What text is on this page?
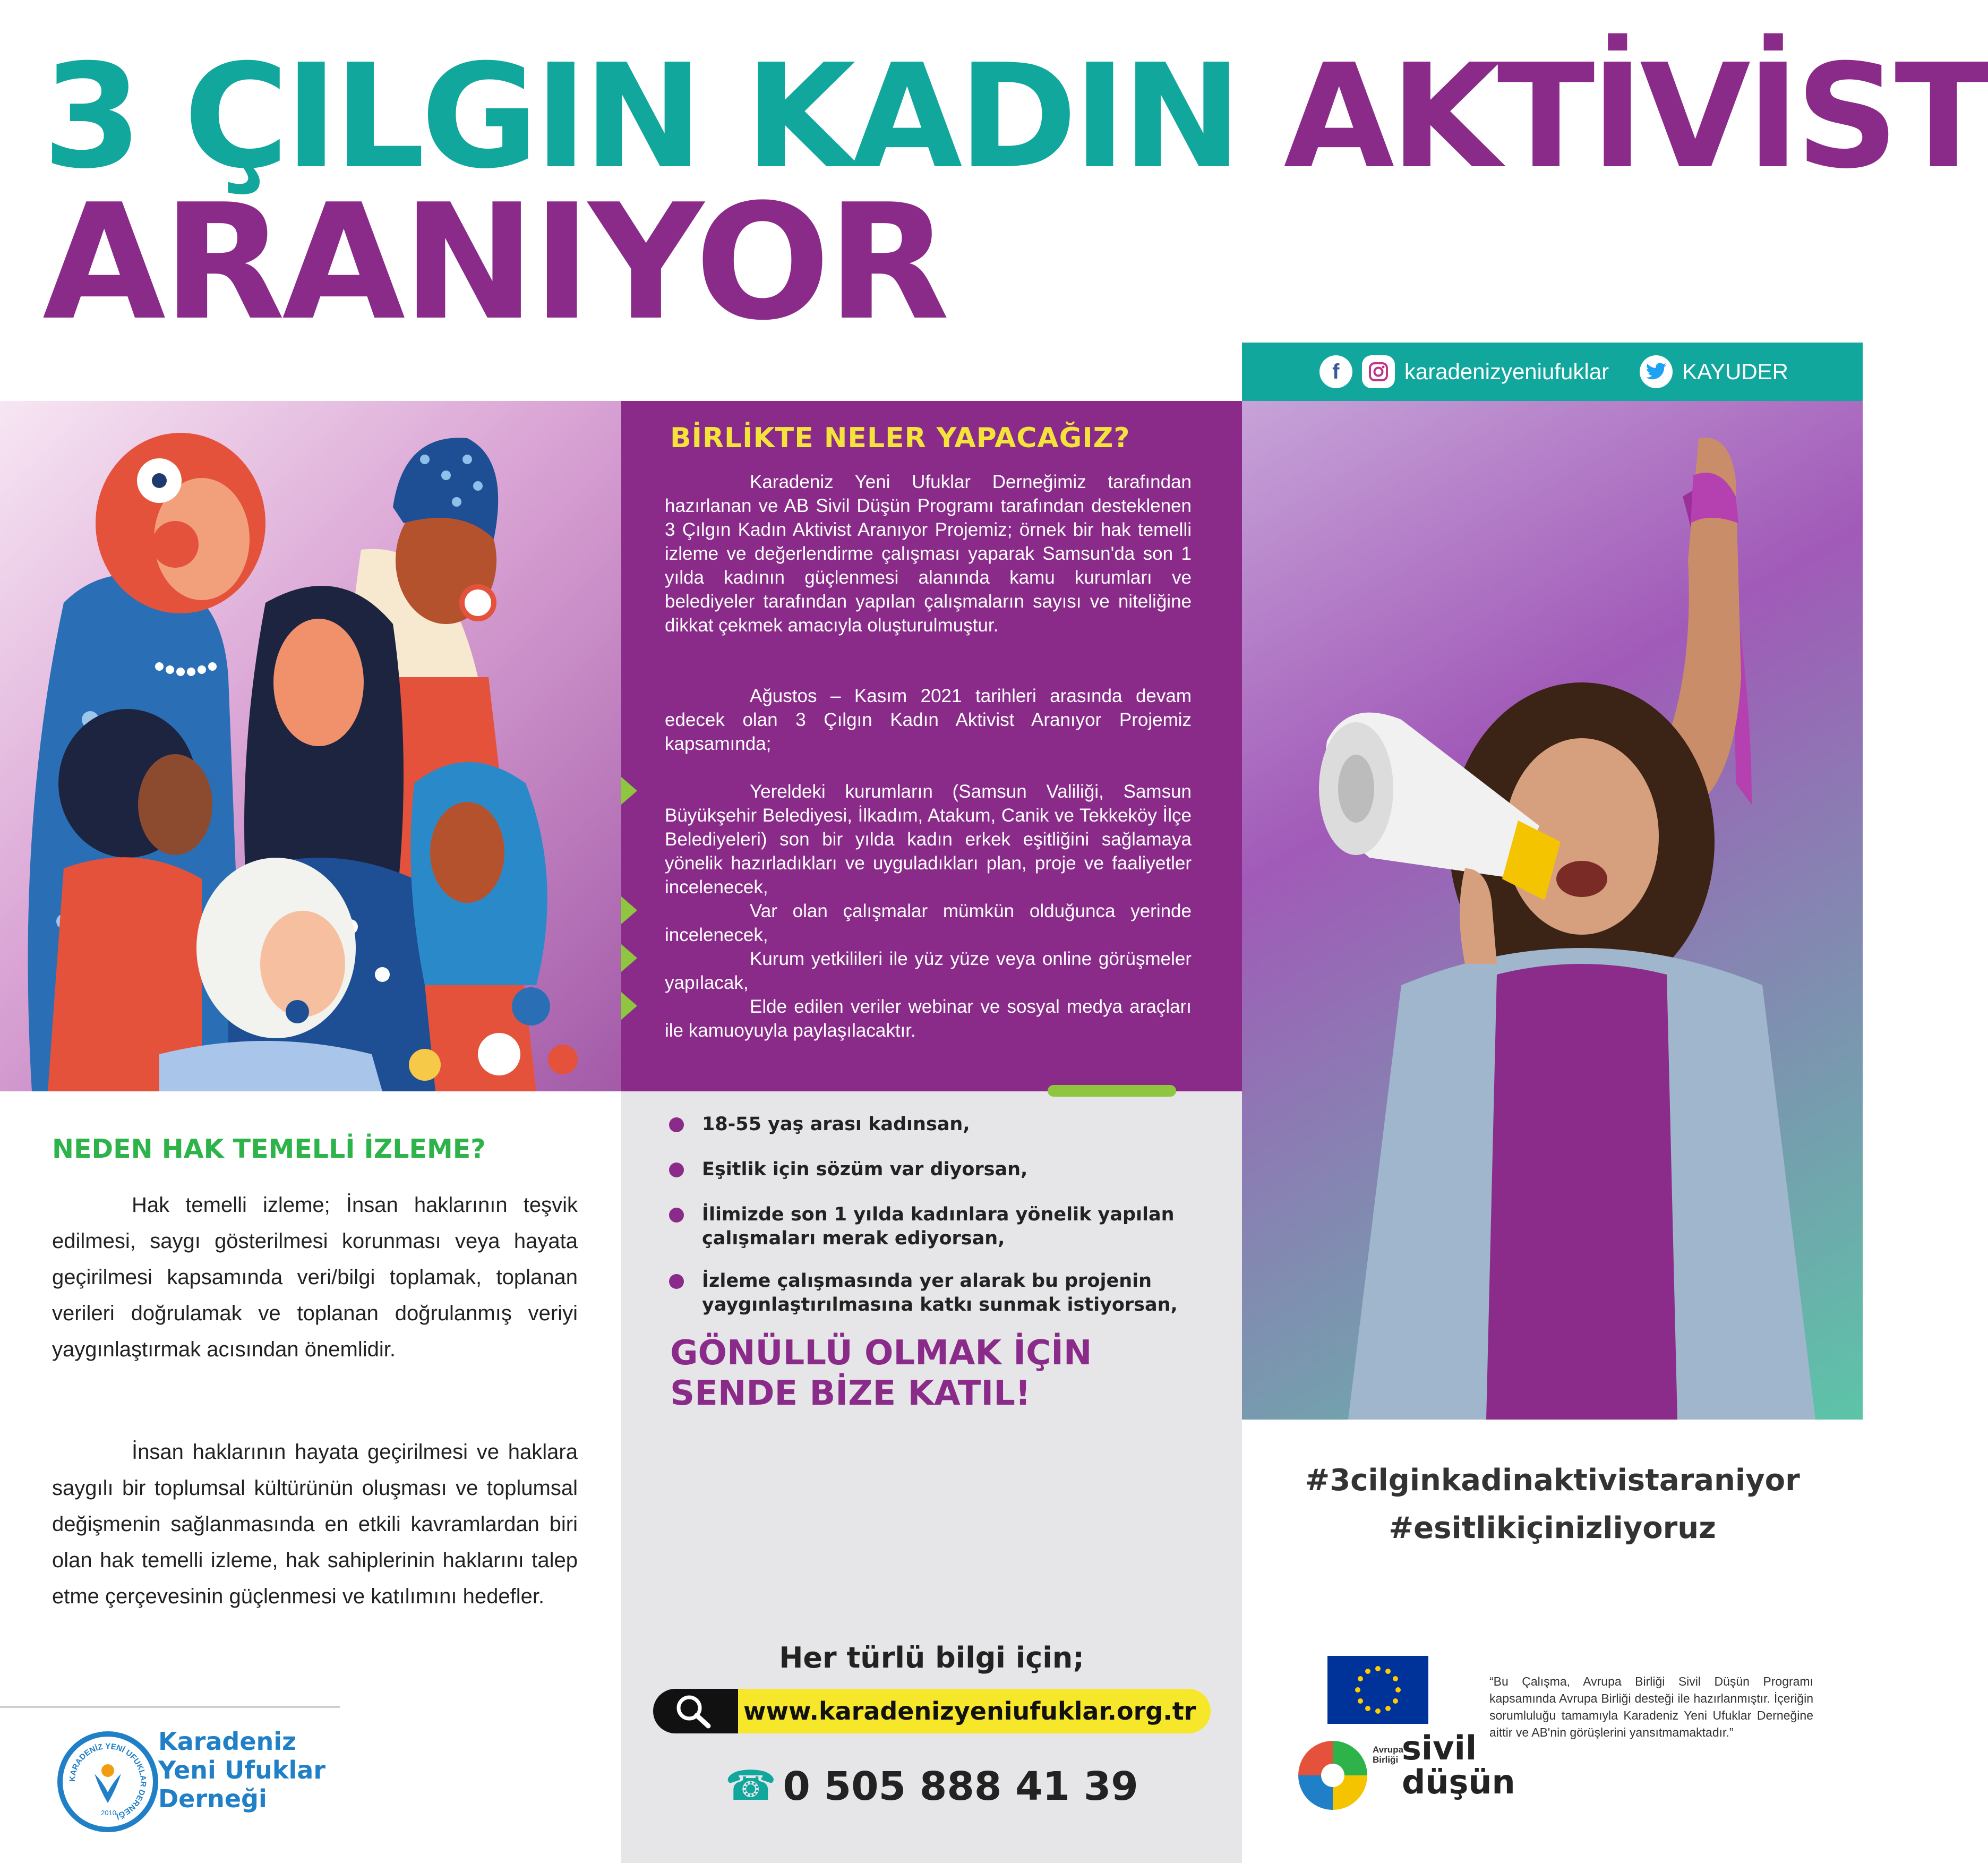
3 ÇILGIN KADIN AKTİVİST
ARANIYOR
f	karadenizyeniufuklar	KAYUDER
BİRLİKTE NELER YAPACAĞIZ?
Karadeniz Yeni Ufuklar Derneğimiz tarafından hazırlanan ve AB Sivil Düşün Programı tarafından desteklenen 3 Çılgın Kadın Aktivist Aranıyor Projemiz; örnek bir hak temelli izleme ve değerlendirme çalışması yaparak Samsun'da son 1 yılda kadının güçlenmesi alanında kamu kurumları ve belediyeler tarafından yapılan çalışmaların sayısı ve niteliğine dikkat çekmek amacıyla oluşturulmuştur.
Ağustos – Kasım 2021 tarihleri arasında devam edecek olan 3 Çılgın Kadın Aktivist Aranıyor Projemiz kapsamında;
Yereldeki kurumların (Samsun Valiliği, Samsun Büyükşehir Belediyesi, İlkadım, Atakum, Canik ve Tekkeköy İlçe Belediyeleri) son bir yılda kadın erkek eşitliğini sağlamaya yönelik hazırladıkları ve uyguladıkları plan, proje ve faaliyetler incelenecek,
Var olan çalışmalar mümkün olduğunca yerinde incelenecek,
Kurum yetkilileri ile yüz yüze veya online görüşmeler yapılacak,
Elde edilen veriler webinar ve sosyal medya araçları ile kamuoyuyla paylaşılacaktır.
18-55 yaş arası kadınsan,
Eşitlik için sözüm var diyorsan,
İlimizde son 1 yılda kadınlara yönelik yapılan çalışmaları merak ediyorsan,
İzleme çalışmasında yer alarak bu projenin yaygınlaştırılmasına katkı sunmak istiyorsan,
GÖNÜLLÜ OLMAK İÇİN
SENDE BİZE KATIL!
Her türlü bilgi için;
www.karadenizyeniufuklar.org.tr
☎ 0 505 888 41 39
NEDEN HAK TEMELLİ İZLEME?
Hak temelli izleme; İnsan haklarının teşvik edilmesi, saygı gösterilmesi korunması veya hayata geçirilmesi kapsamında veri/bilgi toplamak, toplanan verileri doğrulamak ve toplanan doğrulanmış veriyi yaygınlaştırmak acısından önemlidir.
İnsan haklarının hayata geçirilmesi ve haklara saygılı bir toplumsal kültürünün oluşması ve toplumsal değişmenin sağlanmasında en etkili kavramlardan biri olan hak temelli izleme, hak sahiplerinin haklarını talep etme çerçevesinin güçlenmesi ve katılımını hedefler.
KARADENİZ YENİ UFUKLAR DERNEĞİ
2010
Karadeniz
Yeni Ufuklar
Derneği
#3cilginkadinaktivistaraniyor
#esitlikiçinizliyoruz
Avrupa
Birliği sivil
düşün
“Bu Çalışma, Avrupa Birliği Sivil Düşün Programı kapsamında Avrupa Birliği desteği ile hazırlanmıştır. İçeriğin sorumluluğu tamamıyla Karadeniz Yeni Ufuklar Derneğine aittir ve AB'nin görüşlerini yansıtmamaktadır.”
